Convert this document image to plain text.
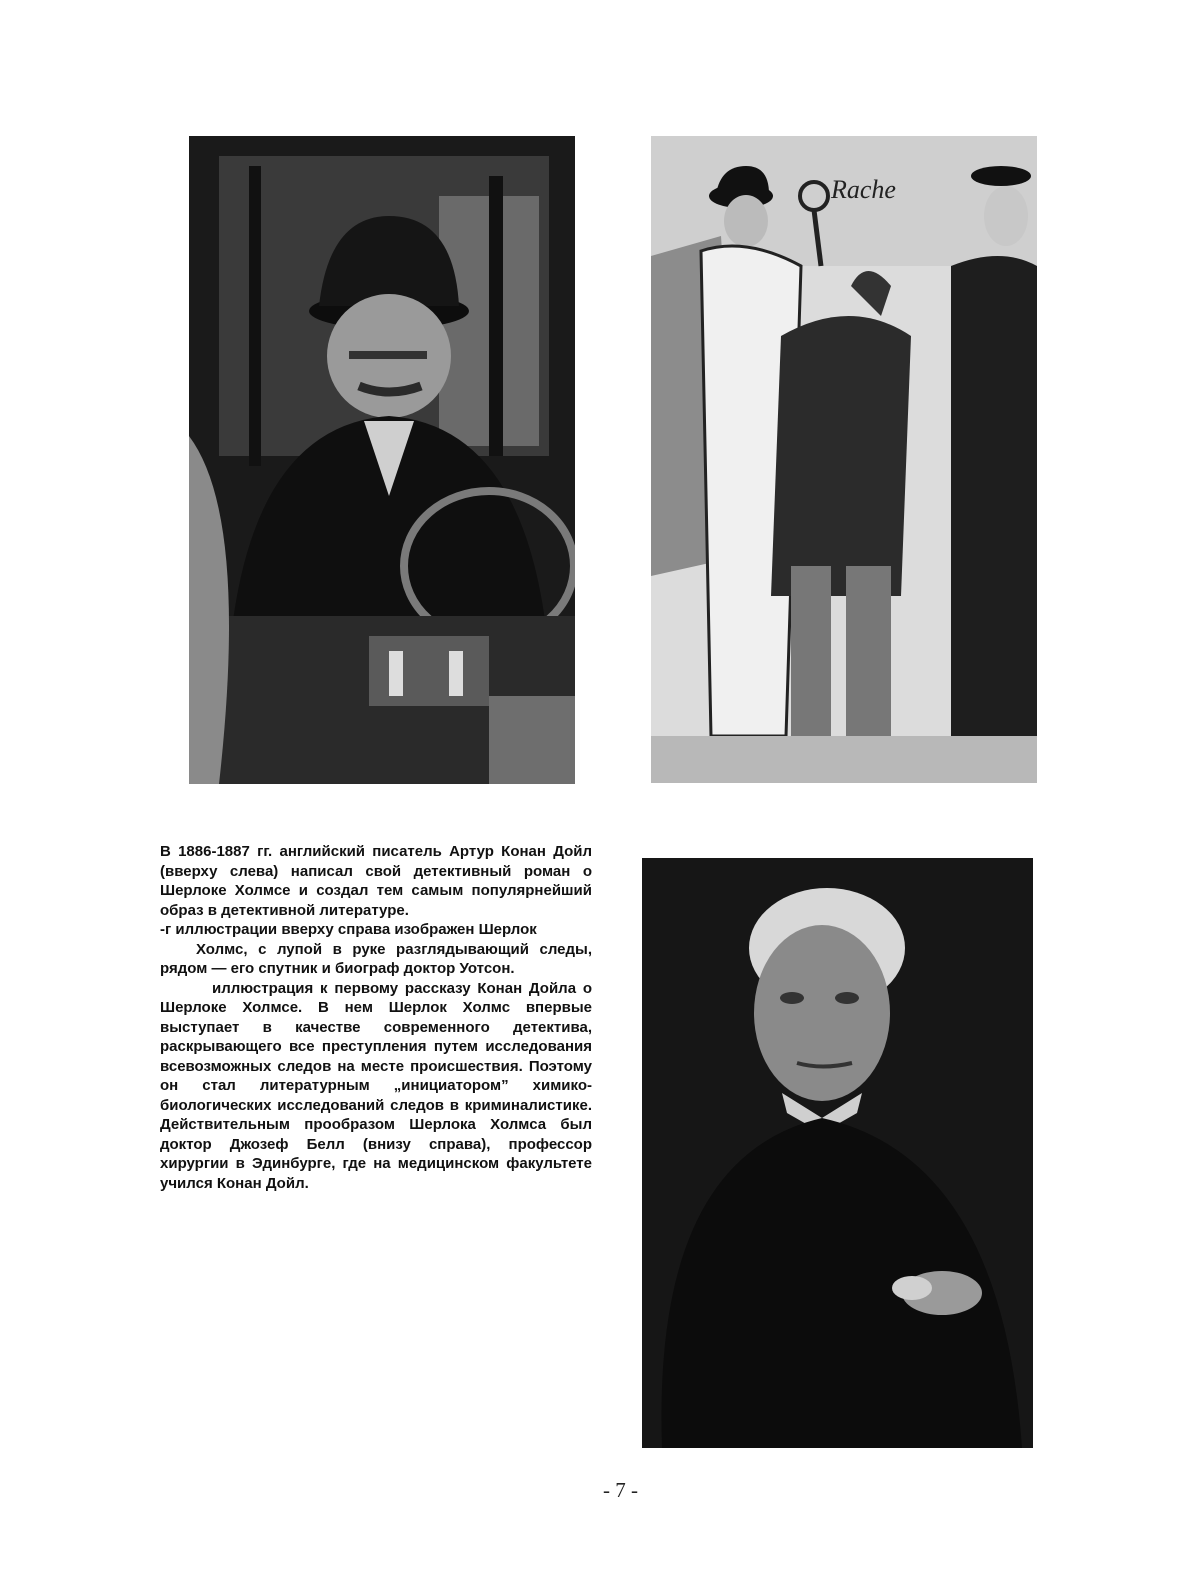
Rache

В 1886-1887 гг. английский писатель Артур Конан Дойл (вверху слева) написал свой детективный роман о Шерлоке Холмсе и создал тем самым популярнейший образ в детективной литературе.

-г иллюстрации вверху справа изображен Шерлок

Холмс, с лупой в руке разглядывающий следы, рядом — его спутник и биограф доктор Уотсон.

иллюстрация к первому рассказу Конан Дойла о Шерлоке Холмсе. В нем Шерлок Холмс впервые выступает в качестве современного детектива, раскрывающего все преступления путем исследования всевозможных следов на месте происшествия. Поэтому он стал литературным „инициатором” химико-биологических исследований следов в криминалистике. Действительным прообразом Шерлока Холмса был доктор Джозеф Белл (внизу справа), профессор хирургии в Эдинбурге, где на медицинском факультете учился Конан Дойл.

- 7 -
